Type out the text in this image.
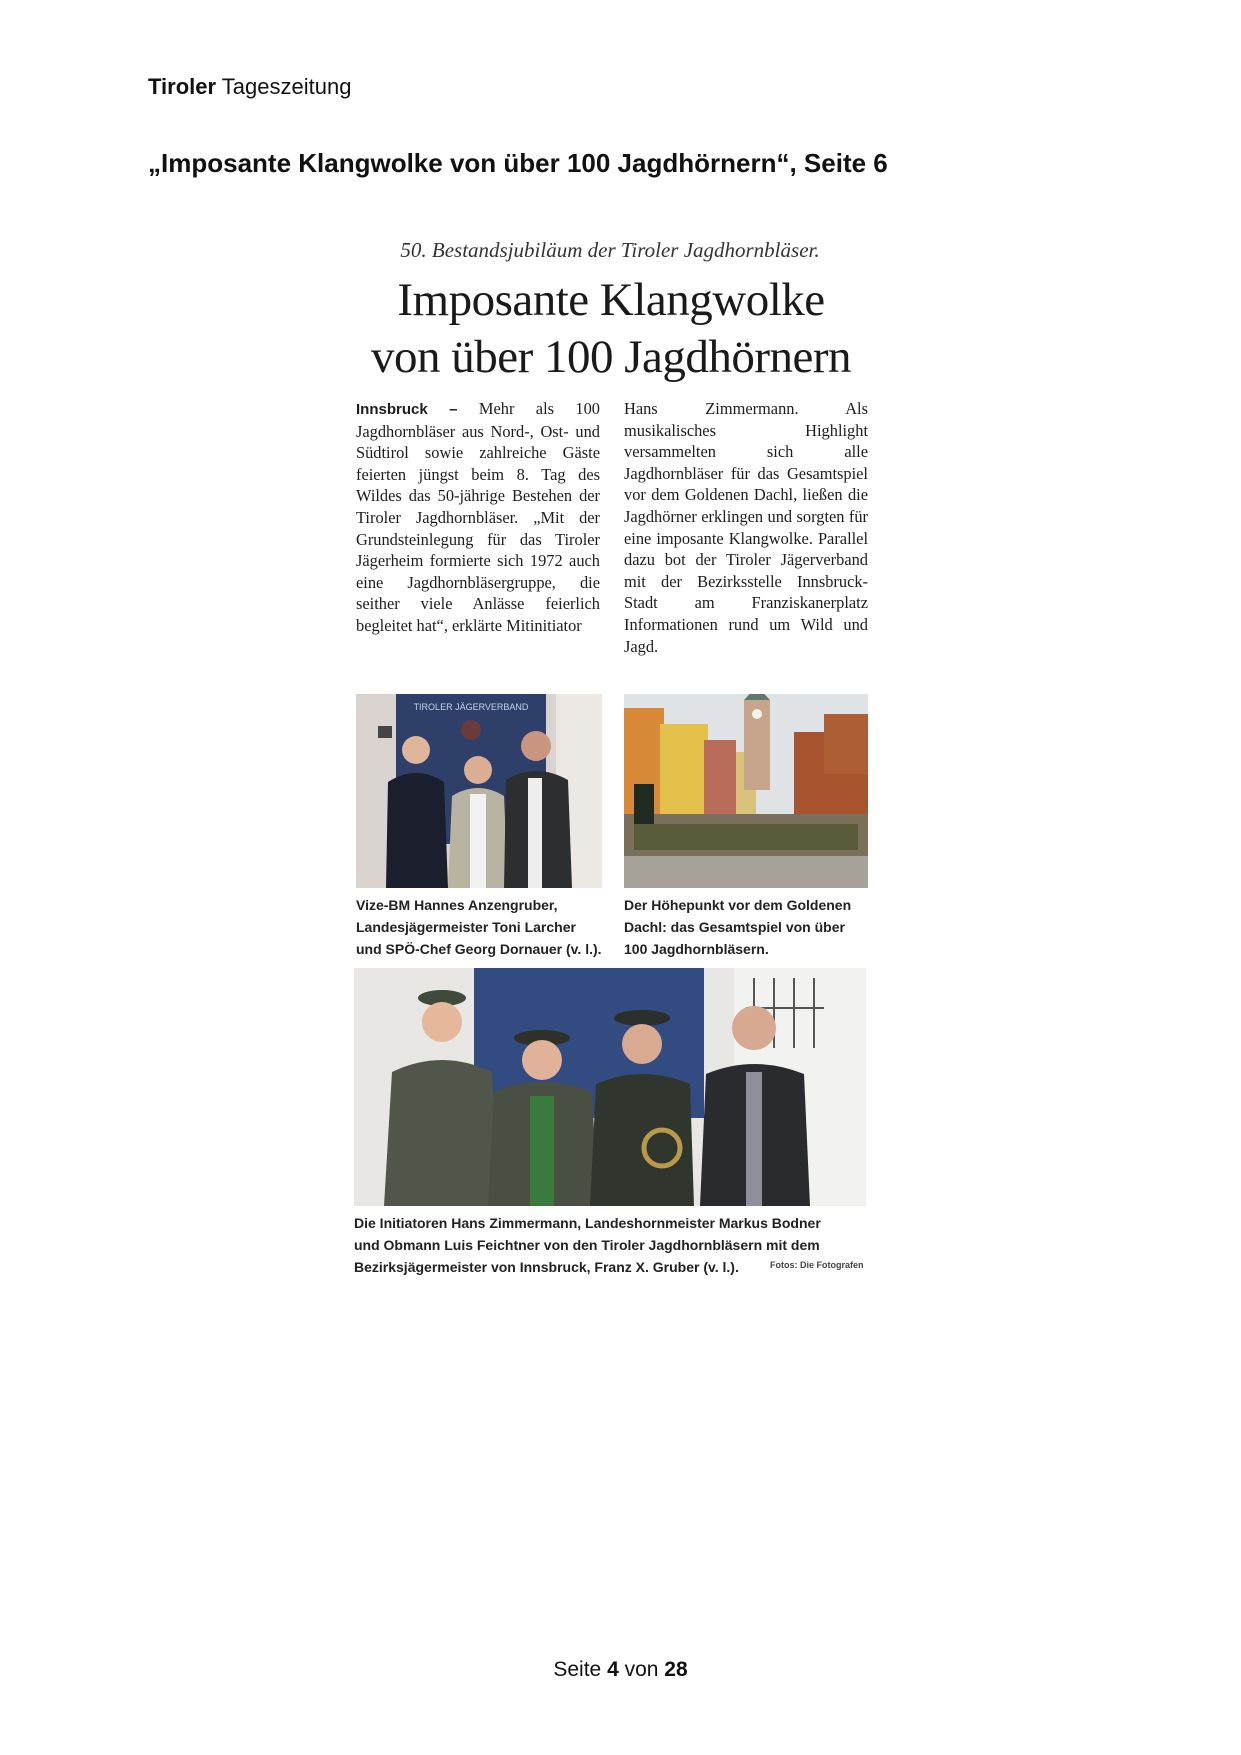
Tiroler Tageszeitung
„Imposante Klangwolke von über 100 Jagdhörnern“, Seite 6
50. Bestandsjubiläum der Tiroler Jagdhornbläser.
Imposante Klangwolke
von über 100 Jagdhörnern
Innsbruck – Mehr als 100 Jagdhornbläser aus Nord-, Ost- und Südtirol sowie zahlreiche Gäste feierten jüngst beim 8. Tag des Wildes das 50-jährige Bestehen der Tiroler Jagdhornbläser. „Mit der Grundsteinlegung für das Tiroler Jägerheim formierte sich 1972 auch eine Jagdhornbläsergruppe, die seither viele Anlässe feierlich begleitet hat“, erklärte Mitinitiator
Hans Zimmermann. Als musikalisches Highlight versammelten sich alle Jagdhornbläser für das Gesamtspiel vor dem Goldenen Dachl, ließen die Jagdhörner erklingen und sorgten für eine imposante Klangwolke. Parallel dazu bot der Tiroler Jägerverband mit der Bezirksstelle Innsbruck-Stadt am Franziskanerplatz Informationen rund um Wild und Jagd.
TIROLER JÄGERVERBAND
Vize-BM Hannes Anzengruber, Landesjägermeister Toni Larcher und SPÖ-Chef Georg Dornauer (v. l.).
Der Höhepunkt vor dem Goldenen Dachl: das Gesamtspiel von über 100 Jagdhornbläsern.
Die Initiatoren Hans Zimmermann, Landeshornmeister Markus Bodner und Obmann Luis Feichtner von den Tiroler Jagdhornbläsern mit dem Bezirksjägermeister von Innsbruck, Franz X. Gruber (v. l.).	Fotos: Die Fotografen
Seite 4 von 28
